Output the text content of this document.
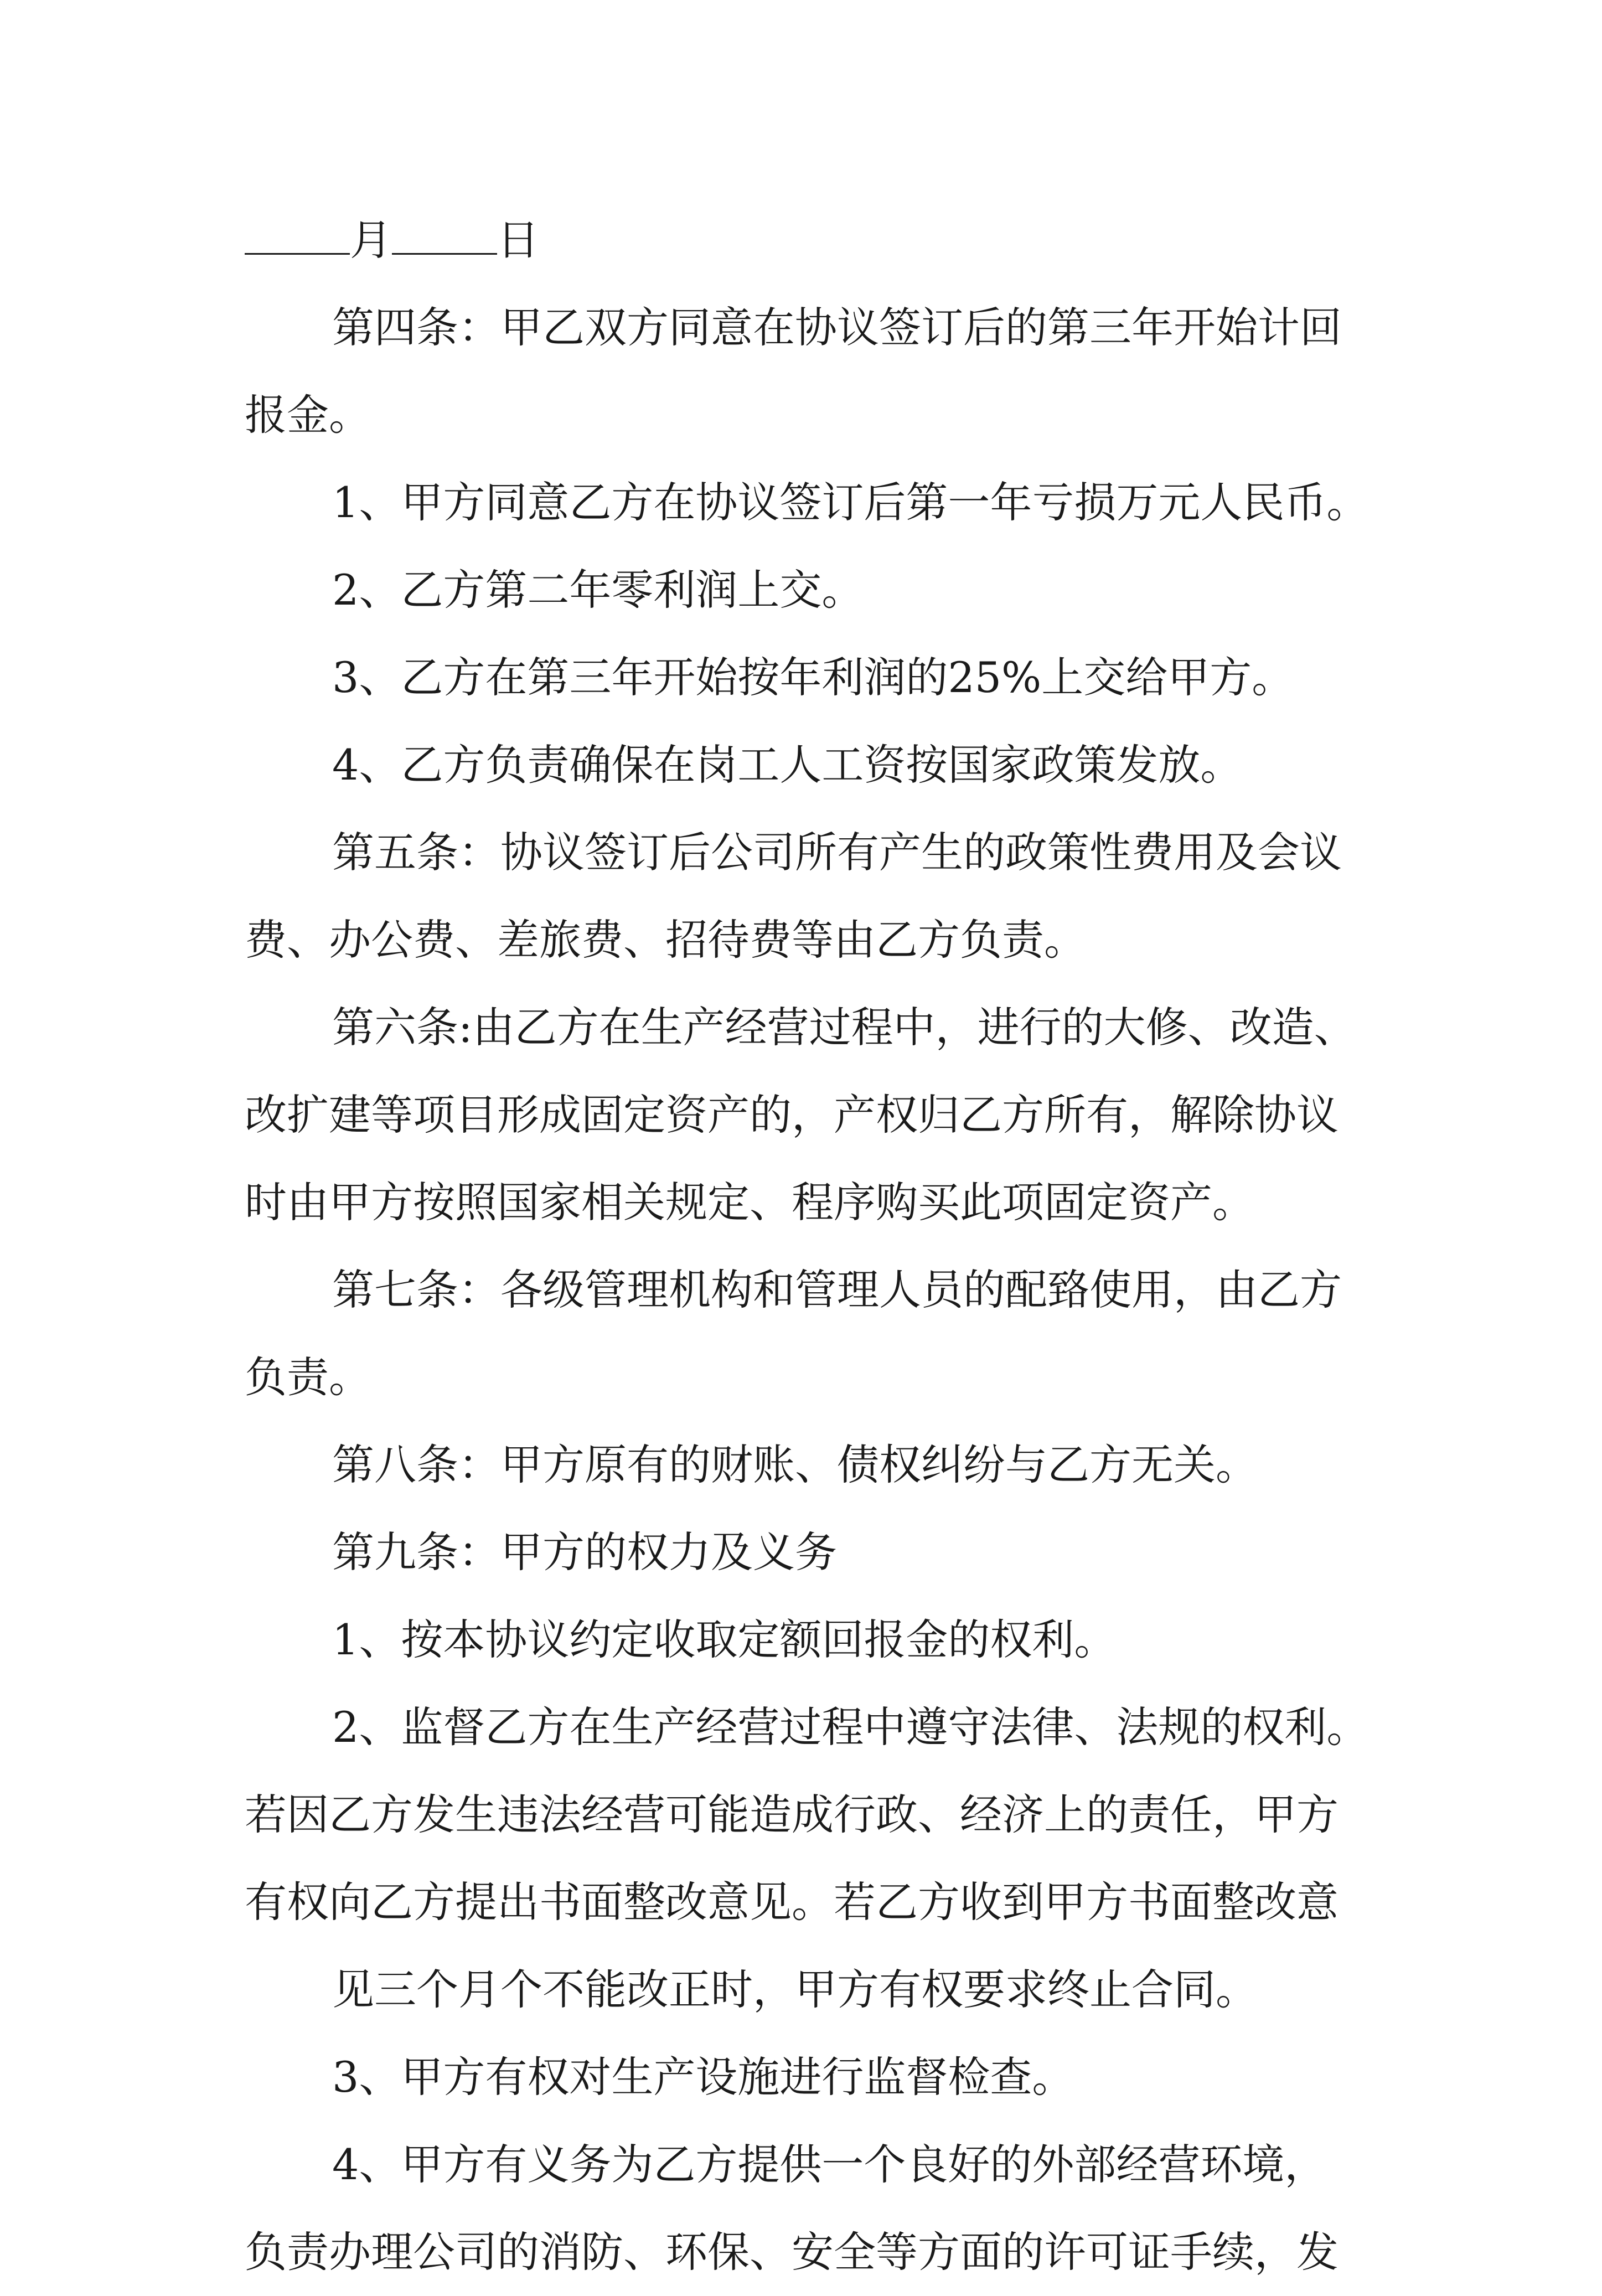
月	日
第四条：甲乙双方同意在协议签订后的第三年开始计回
报金。
1、甲方同意乙方在协议签订后第一年亏损万元人民币。
2、乙方第二年零利润上交。
3、乙方在第三年开始按年利润的25%上交给甲方。
4、乙方负责确保在岗工人工资按国家政策发放。
第五条：协议签订后公司所有产生的政策性费用及会议
费、办公费、差旅费、招待费等由乙方负责。
第六条:由乙方在生产经营过程中，进行的大修、改造、
改扩建等项目形成固定资产的，产权归乙方所有，解除协议
时由甲方按照国家相关规定、程序购买此项固定资产。
第七条：各级管理机构和管理人员的配臵使用，由乙方
负责。
第八条：甲方原有的财账、债权纠纷与乙方无关。
第九条：甲方的权力及义务
1、按本协议约定收取定额回报金的权利。
2、监督乙方在生产经营过程中遵守法律、法规的权利。
若因乙方发生违法经营可能造成行政、经济上的责任，甲方
有权向乙方提出书面整改意见。若乙方收到甲方书面整改意
见三个月个不能改正时，甲方有权要求终止合同。
3、甲方有权对生产设施进行监督检查。
4、甲方有义务为乙方提供一个良好的外部经营环境，
负责办理公司的消防、环保、安全等方面的许可证手续，发
